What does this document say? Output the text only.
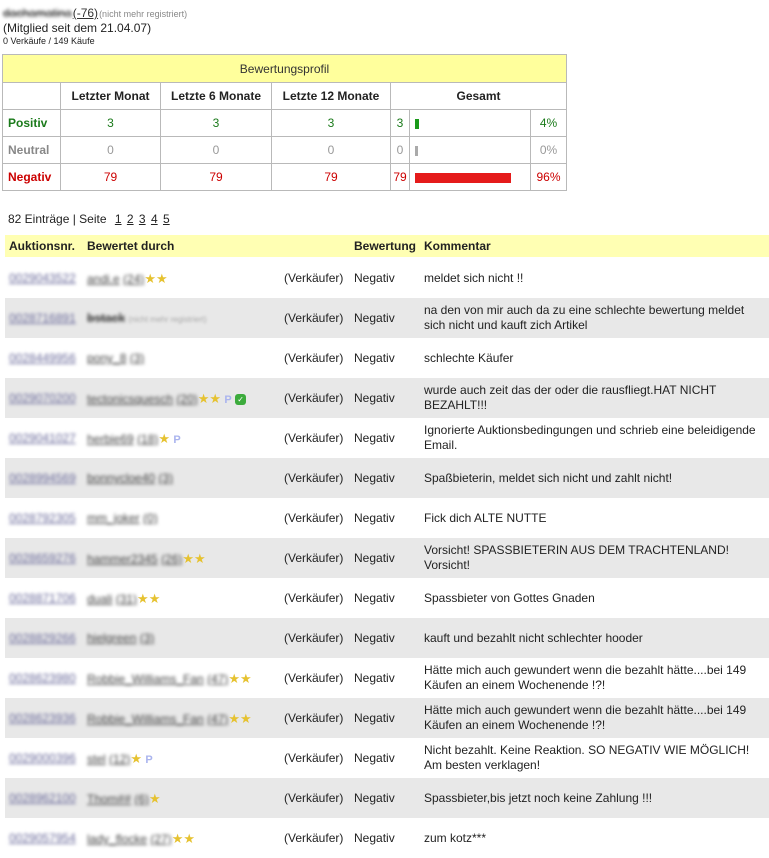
dachamatina (-76) (nicht mehr registriert)
(Mitglied seit dem 21.04.07)
0 Verkäufe / 149 Käufe
Bewertungsprofil						
	Letzter Monat	Letzte 6 Monate	Letzte 12 Monate	Gesamt		
Positiv	3	3	3	3		4%
Neutral	0	0	0	0		0%
Negativ	79	79	79	79		96%
82 Einträge | Seite 1 2 3 4 5
Auktionsnr. Bewertet durch	Bewertung Kommentar
0029043522 andi.e (24)★★	(Verkäufer) Negativ meldet sich nicht !!
0028716891 bstack (nicht mehr registriert)	(Verkäufer) Negativ
na den von mir auch da zu eine schlechte bewertung meldet sich nicht und kauft zich Artikel
0028449956 pony_8 (3)	(Verkäufer) Negativ schlechte Käufer
0029070200 tectonicsquesch (20)★★ P ✓	(Verkäufer) Negativ
wurde auch zeit das der oder die rausfliegt.HAT NICHT BEZAHLT!!!
0029041027 herbie69 (18)★ P	(Verkäufer) Negativ
Ignorierte Auktionsbedingungen und schrieb eine beleidigende Email.
0028994569 bonnycloe40 (3)	(Verkäufer) Negativ Spaßbieterin, meldet sich nicht und zahlt nicht!
0028792305 mm_joker (0)	(Verkäufer) Negativ Fick dich ALTE NUTTE
0028659276 hammer2345 (26)★★	(Verkäufer) Negativ
Vorsicht! SPASSBIETERIN AUS DEM TRACHTENLAND! Vorsicht!
0028871706 duali (31)★★	(Verkäufer) Negativ Spassbieter von Gottes Gnaden
0028829266 hielgreen (3)	(Verkäufer) Negativ kauft und bezahlt nicht schlechter hooder
0028623980 Robbie_Williams_Fan (47)★★	(Verkäufer) Negativ
Hätte mich auch gewundert wenn die bezahlt hätte....bei 149 Käufen an einem Wochenende !?!
0028623936 Robbie_Williams_Fan (47)★★	(Verkäufer) Negativ
Hätte mich auch gewundert wenn die bezahlt hätte....bei 149 Käufen an einem Wochenende !?!
0029000396 stel (12)★ P	(Verkäufer) Negativ
Nicht bezahlt. Keine Reaktion. SO NEGATIV WIE MÖGLICH! Am besten verklagen!
0028962100 Thom## (6)★	(Verkäufer) Negativ Spassbieter,bis jetzt noch keine Zahlung !!!
0029057954 lady_flocke (27)★★	(Verkäufer) Negativ zum kotz***
